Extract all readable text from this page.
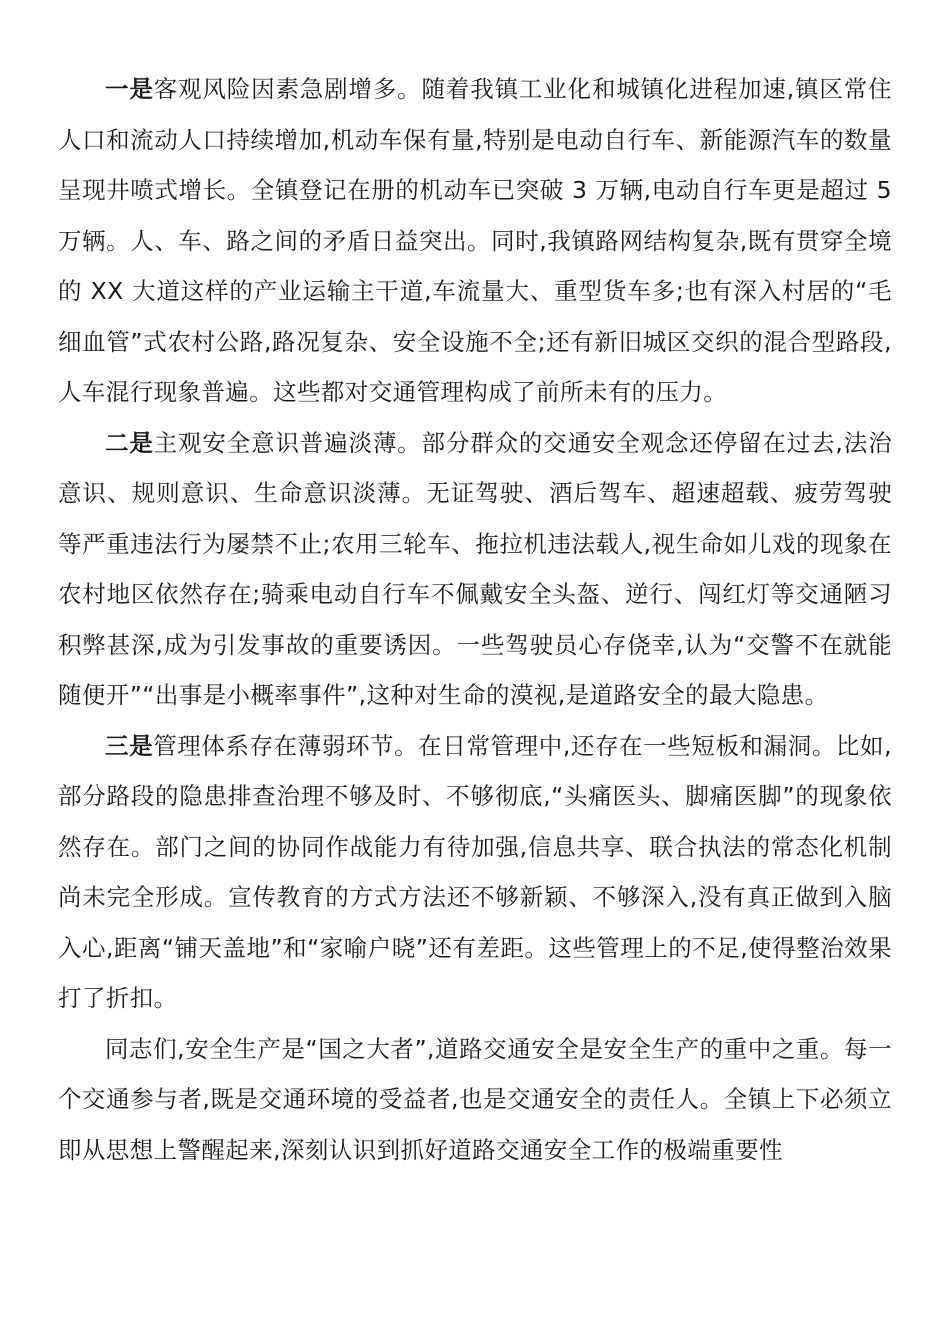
一是客观风险因素急剧增多。随着我镇工业化和城镇化进程加速,镇区常住人口和流动人口持续增加,机动车保有量,特别是电动自行车、新能源汽车的数量呈现井喷式增长。全镇登记在册的机动车已突破 3 万辆,电动自行车更是超过 5 万辆。人、车、路之间的矛盾日益突出。同时,我镇路网结构复杂,既有贯穿全境的 XX 大道这样的产业运输主干道,车流量大、重型货车多;也有深入村居的“毛细血管”式农村公路,路况复杂、安全设施不全;还有新旧城区交织的混合型路段,人车混行现象普遍。这些都对交通管理构成了前所未有的压力。

二是主观安全意识普遍淡薄。部分群众的交通安全观念还停留在过去,法治意识、规则意识、生命意识淡薄。无证驾驶、酒后驾车、超速超载、疲劳驾驶等严重违法行为屡禁不止;农用三轮车、拖拉机违法载人,视生命如儿戏的现象在农村地区依然存在;骑乘电动自行车不佩戴安全头盔、逆行、闯红灯等交通陋习积弊甚深,成为引发事故的重要诱因。一些驾驶员心存侥幸,认为“交警不在就能随便开”“出事是小概率事件”,这种对生命的漠视,是道路安全的最大隐患。

三是管理体系存在薄弱环节。在日常管理中,还存在一些短板和漏洞。比如,部分路段的隐患排查治理不够及时、不够彻底,“头痛医头、脚痛医脚”的现象依然存在。部门之间的协同作战能力有待加强,信息共享、联合执法的常态化机制尚未完全形成。宣传教育的方式方法还不够新颖、不够深入,没有真正做到入脑入心,距离“铺天盖地”和“家喻户晓”还有差距。这些管理上的不足,使得整治效果打了折扣。

同志们,安全生产是“国之大者”,道路交通安全是安全生产的重中之重。每一个交通参与者,既是交通环境的受益者,也是交通安全的责任人。全镇上下必须立即从思想上警醒起来,深刻认识到抓好道路交通安全工作的极端重要性
